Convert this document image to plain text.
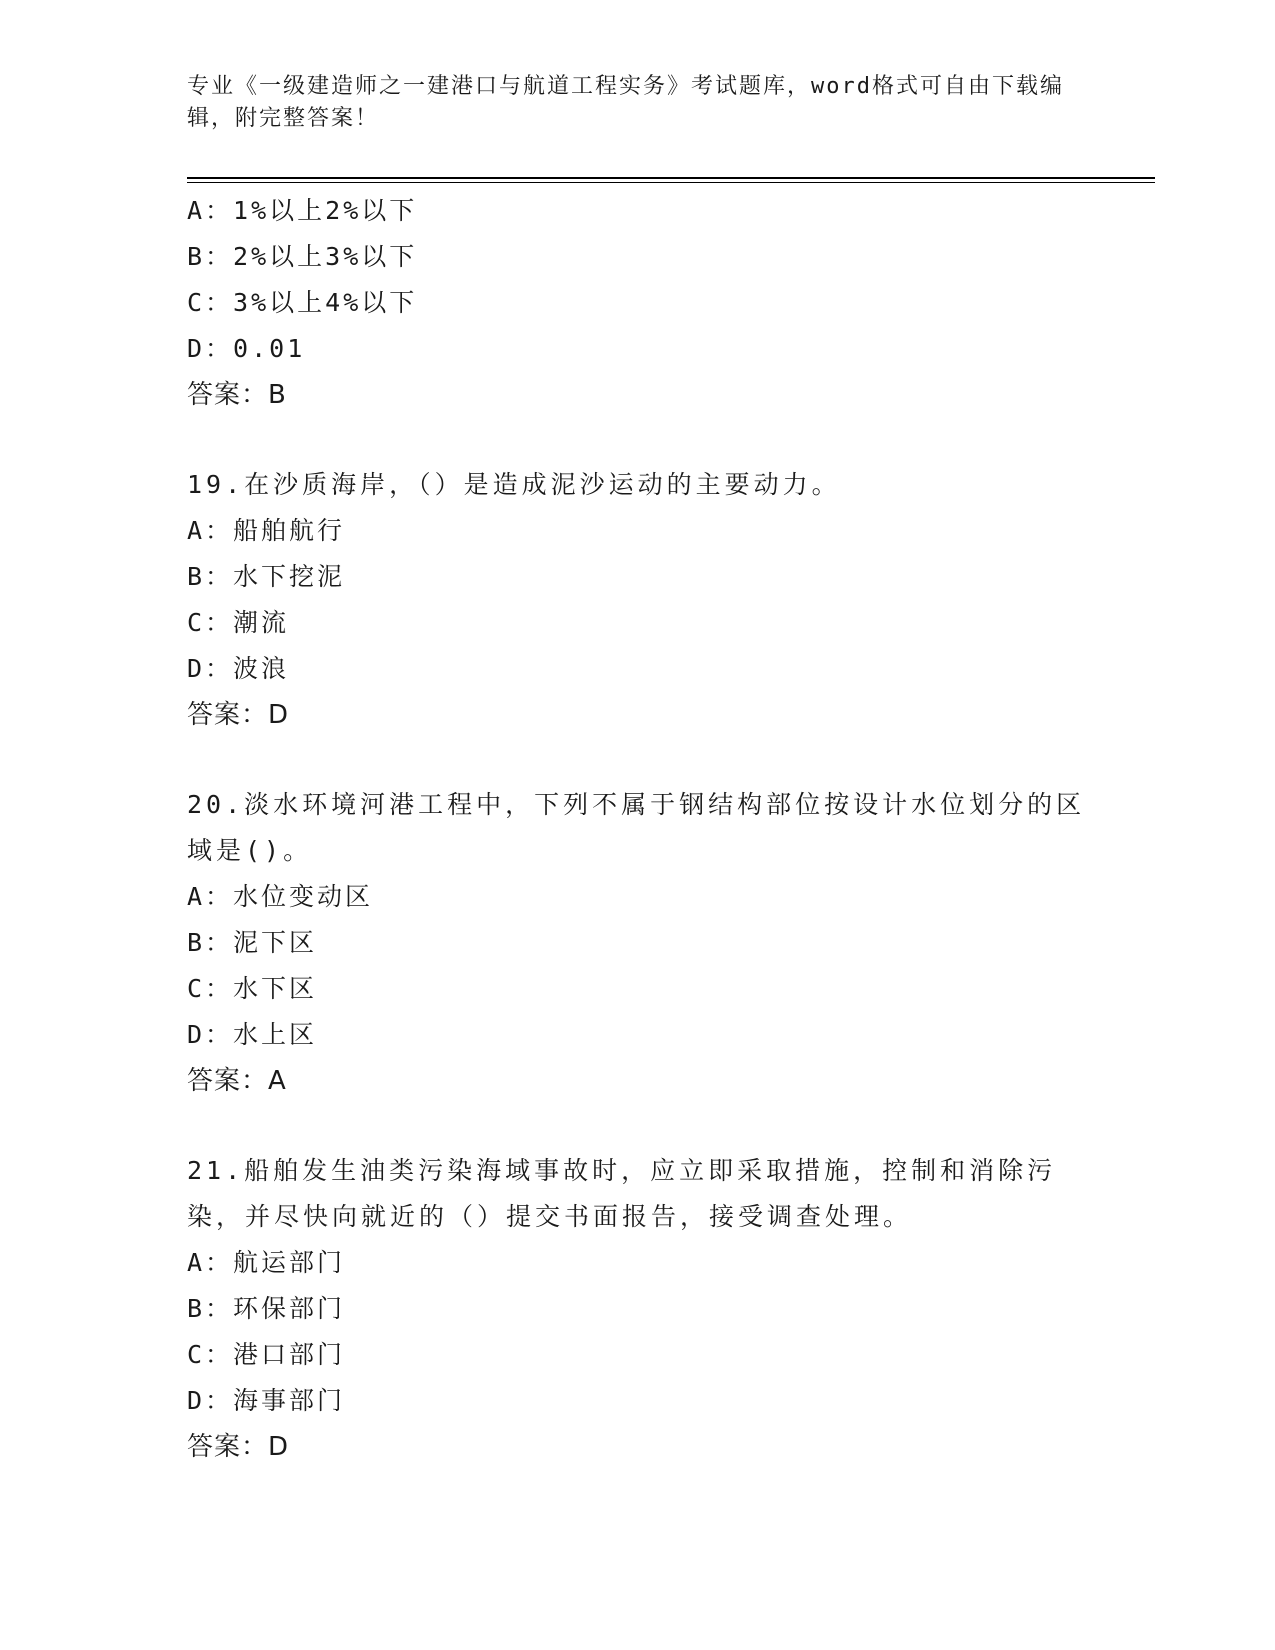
专业《一级建造师之一建港口与航道工程实务》考试题库，word格式可自由下载编辑，附完整答案！
A：1%以上2%以下
B：2%以上3%以下
C：3%以上4%以下
D：0.01
答案：B
19.在沙质海岸，（）是造成泥沙运动的主要动力。
A：船舶航行
B：水下挖泥
C：潮流
D：波浪
答案：D
20.淡水环境河港工程中，下列不属于钢结构部位按设计水位划分的区域是()。
A：水位变动区
B：泥下区
C：水下区
D：水上区
答案：A
21.船舶发生油类污染海域事故时，应立即采取措施，控制和消除污染，并尽快向就近的（）提交书面报告，接受调查处理。
A：航运部门
B：环保部门
C：港口部门
D：海事部门
答案：D
